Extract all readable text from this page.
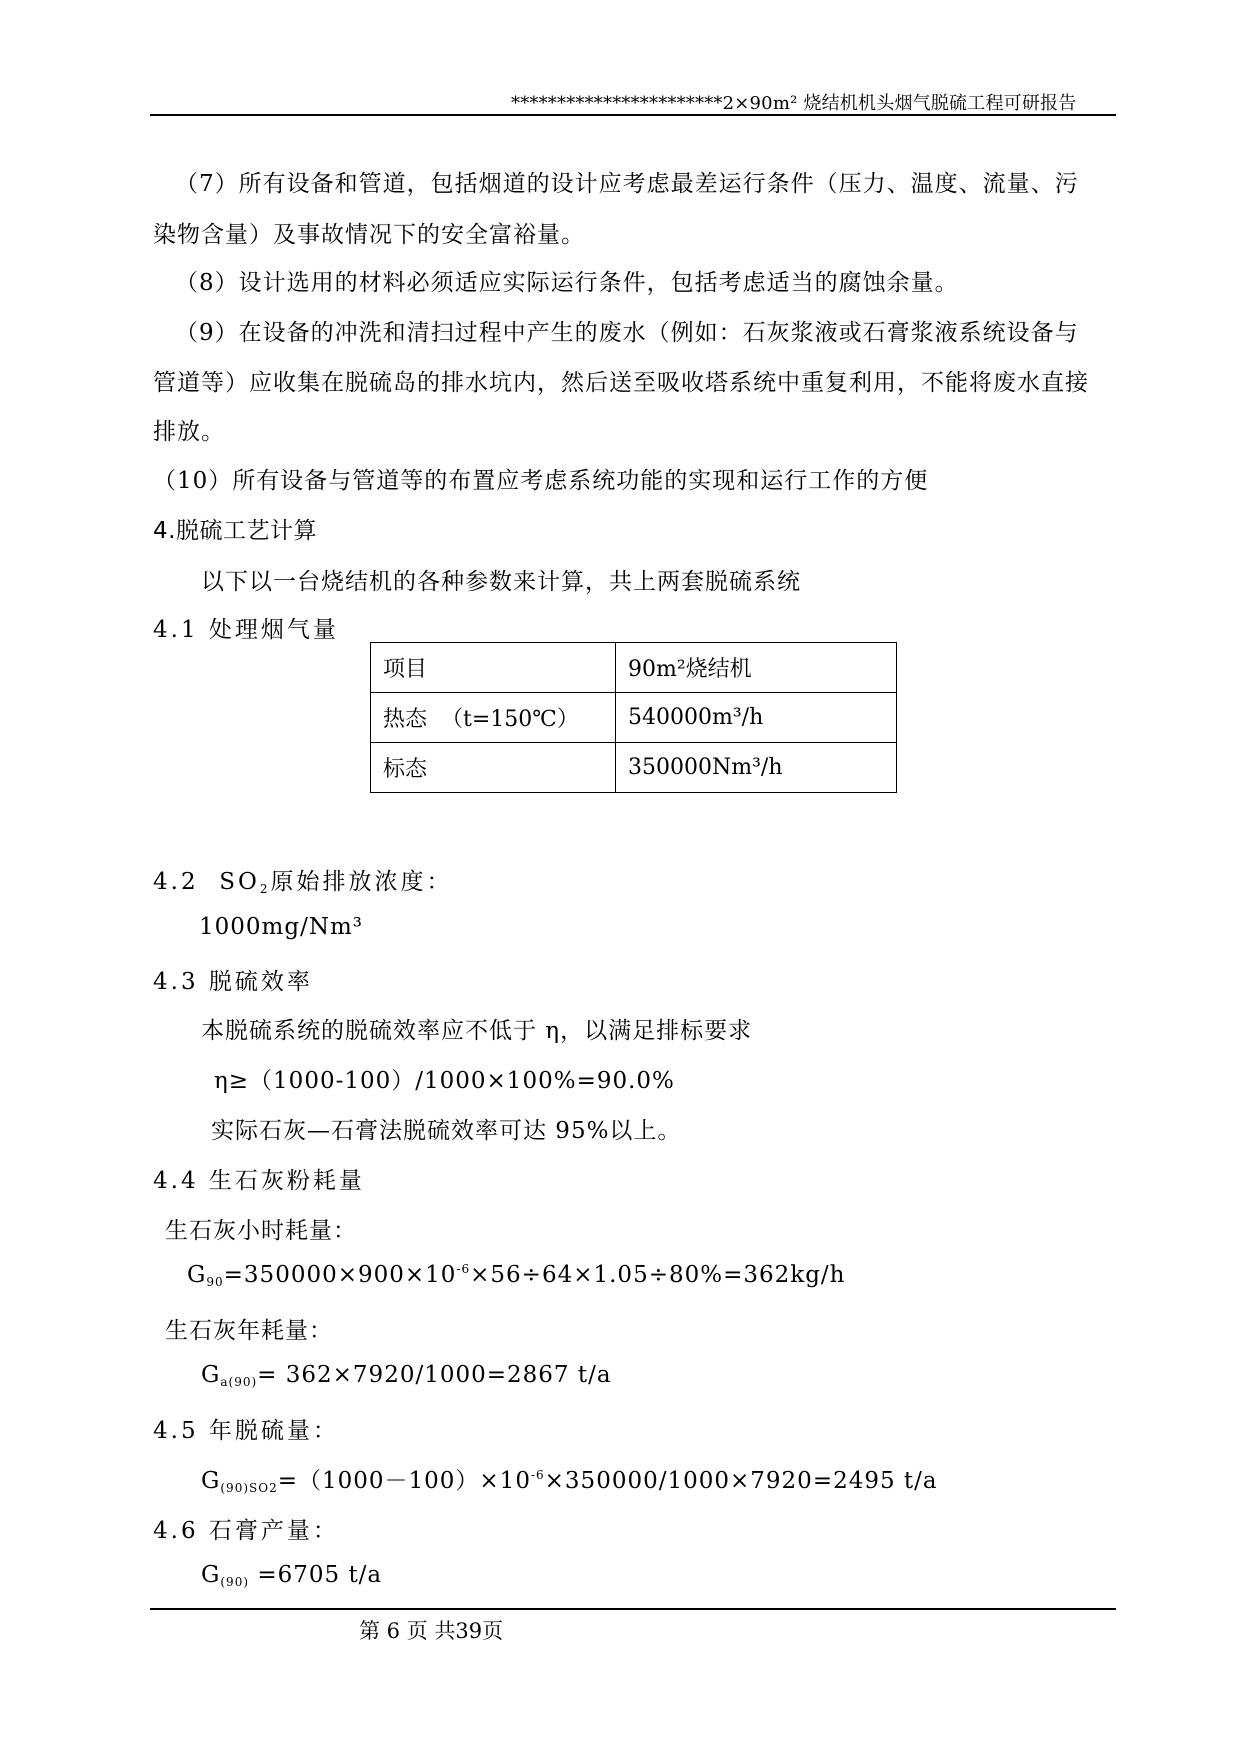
***********************2×90m² 烧结机机头烟气脱硫工程可研报告
（7）所有设备和管道，包括烟道的设计应考虑最差运行条件（压力、温度、流量、污
染物含量）及事故情况下的安全富裕量。
（8）设计选用的材料必须适应实际运行条件，包括考虑适当的腐蚀余量。
（9）在设备的冲洗和清扫过程中产生的废水（例如：石灰浆液或石膏浆液系统设备与
管道等）应收集在脱硫岛的排水坑内，然后送至吸收塔系统中重复利用，不能将废水直接
排放。
（10）所有设备与管道等的布置应考虑系统功能的实现和运行工作的方便
4.脱硫工艺计算
以下以一台烧结机的各种参数来计算，共上两套脱硫系统
4.1 处理烟气量
项目	90m²烧结机
热态  （t=150℃）	540000m³/h
标态	350000Nm³/h
4.2  $SO_2$原始排放浓度：
1000mg/Nm³
4.3 脱硫效率
本脱硫系统的脱硫效率应不低于 η，以满足排标要求
η≥（1000-100）/1000×100%=90.0%
实际石灰—石膏法脱硫效率可达 95%以上。
4.4 生石灰粉耗量
生石灰小时耗量：
$G_{90}=350000\times 900\times 10^{-6}\times 56\div 64\times 1.05\div 80\%=362kg/h$
生石灰年耗量：
$G_{a(90)}= 362\times 7920/1000=2867$ t/a
4.5 年脱硫量：
$G_{(90)SO2}=(1000-100)\times 10^{-6}\times 350000/1000\times 7920=2495$ t/a
4.6 石膏产量：
$G_{(90)} =6705$ t/a
第 6 页 共39页
